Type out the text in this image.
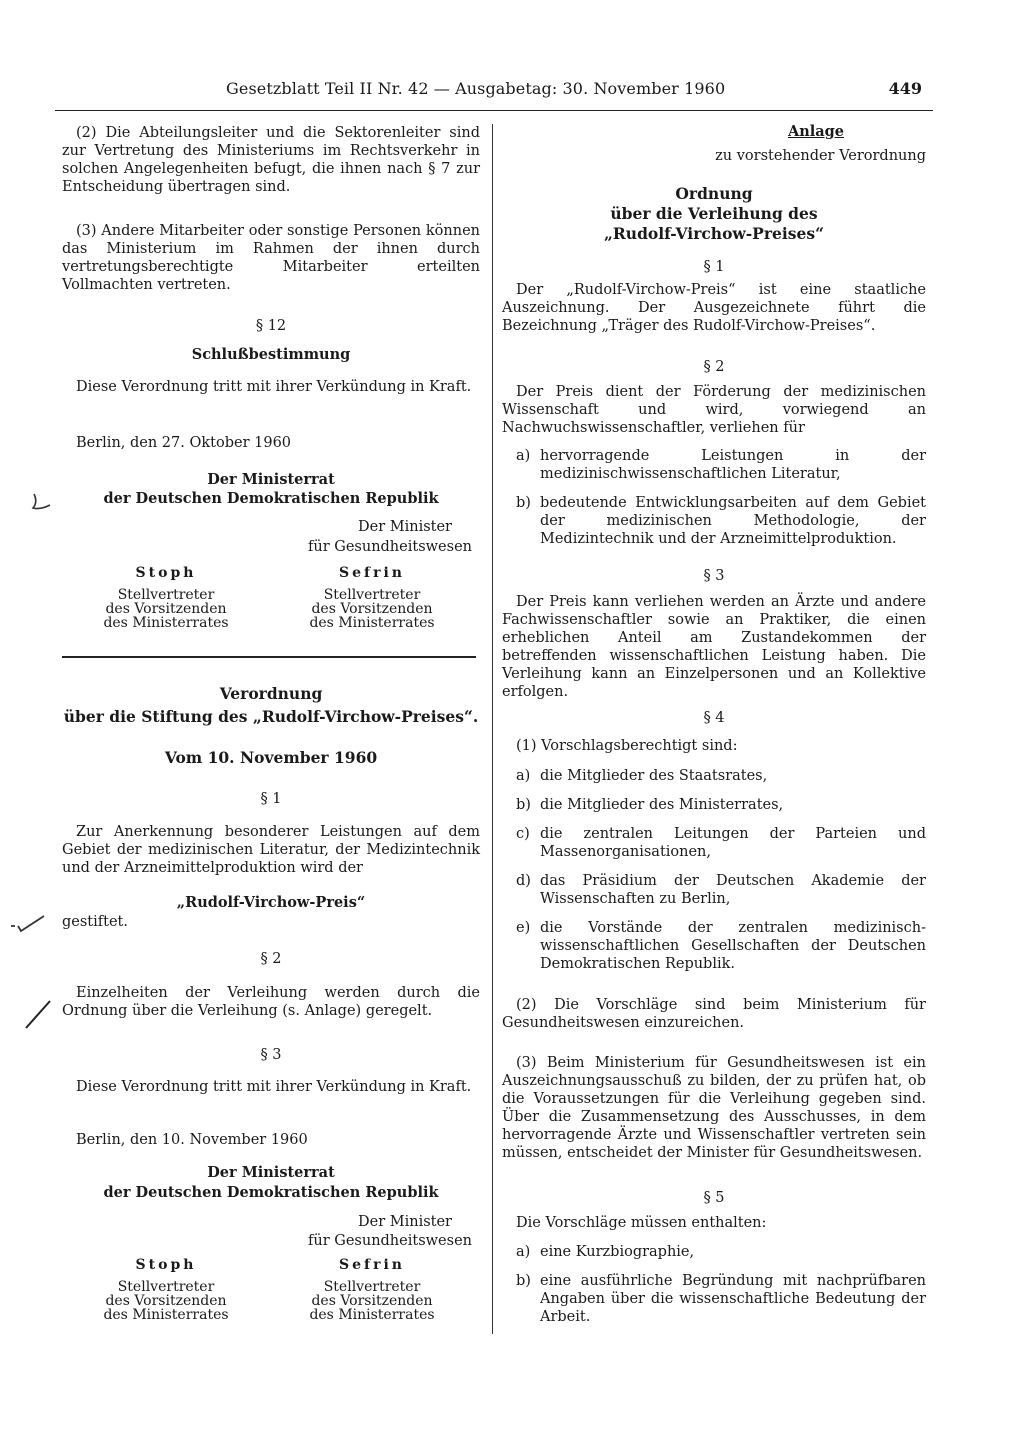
Gesetzblatt Teil II Nr. 42 — Ausgabetag: 30. November 1960	449
(2) Die Abteilungsleiter und die Sektorenleiter sind zur Vertretung des Ministeriums im Rechtsverkehr in solchen Angelegenheiten befugt, die ihnen nach § 7 zur Entscheidung übertragen sind.
(3) Andere Mitarbeiter oder sonstige Personen können das Ministerium im Rahmen der ihnen durch vertretungsberechtigte Mitarbeiter erteilten Vollmachten vertreten.
§ 12
Schlußbestimmung
Diese Verordnung tritt mit ihrer Verkündung in Kraft.
Berlin, den 27. Oktober 1960
Der Ministerrat
der Deutschen Demokratischen Republik
Der Minister
für Gesundheitswesen
Stoph
Stellvertreter
des Vorsitzenden
des Ministerrates
Sefrin
Stellvertreter
des Vorsitzenden
des Ministerrates
Verordnung
über die Stiftung des „Rudolf-Virchow-Preises“.
Vom 10. November 1960
§ 1
Zur Anerkennung besonderer Leistungen auf dem Gebiet der medizinischen Literatur, der Medizintechnik und der Arzneimittelproduktion wird der
„Rudolf-Virchow-Preis“
gestiftet.
§ 2
Einzelheiten der Verleihung werden durch die Ordnung über die Verleihung (s. Anlage) geregelt.
§ 3
Diese Verordnung tritt mit ihrer Verkündung in Kraft.
Berlin, den 10. November 1960
Der Ministerrat
der Deutschen Demokratischen Republik
Der Minister
für Gesundheitswesen
Stoph
Stellvertreter
des Vorsitzenden
des Ministerrates
Sefrin
Stellvertreter
des Vorsitzenden
des Ministerrates
Anlage
zu vorstehender Verordnung
Ordnung
über die Verleihung des
„Rudolf-Virchow-Preises“
§ 1
Der „Rudolf-Virchow-Preis“ ist eine staatliche Auszeichnung. Der Ausgezeichnete führt die Bezeichnung „Träger des Rudolf-Virchow-Preises“.
§ 2
Der Preis dient der Förderung der medizinischen Wissenschaft und wird, vorwiegend an Nachwuchswissenschaftler, verliehen für
a) hervorragende Leistungen in der medizinischwissenschaftlichen Literatur,
b) bedeutende Entwicklungsarbeiten auf dem Gebiet der medizinischen Methodologie, der Medizintechnik und der Arzneimittelproduktion.
§ 3
Der Preis kann verliehen werden an Ärzte und andere Fachwissenschaftler sowie an Praktiker, die einen erheblichen Anteil am Zustandekommen der betreffenden wissenschaftlichen Leistung haben. Die Verleihung kann an Einzelpersonen und an Kollektive erfolgen.
§ 4
(1) Vorschlagsberechtigt sind:
a) die Mitglieder des Staatsrates,
b) die Mitglieder des Ministerrates,
c) die zentralen Leitungen der Parteien und Massenorganisationen,
d) das Präsidium der Deutschen Akademie der Wissenschaften zu Berlin,
e) die Vorstände der zentralen medizinisch-wissenschaftlichen Gesellschaften der Deutschen Demokratischen Republik.
(2) Die Vorschläge sind beim Ministerium für Gesundheitswesen einzureichen.
(3) Beim Ministerium für Gesundheitswesen ist ein Auszeichnungsausschuß zu bilden, der zu prüfen hat, ob die Voraussetzungen für die Verleihung gegeben sind. Über die Zusammensetzung des Ausschusses, in dem hervorragende Ärzte und Wissenschaftler vertreten sein müssen, entscheidet der Minister für Gesundheitswesen.
§ 5
Die Vorschläge müssen enthalten:
a) eine Kurzbiographie,
b) eine ausführliche Begründung mit nachprüfbaren Angaben über die wissenschaftliche Bedeutung der Arbeit.
